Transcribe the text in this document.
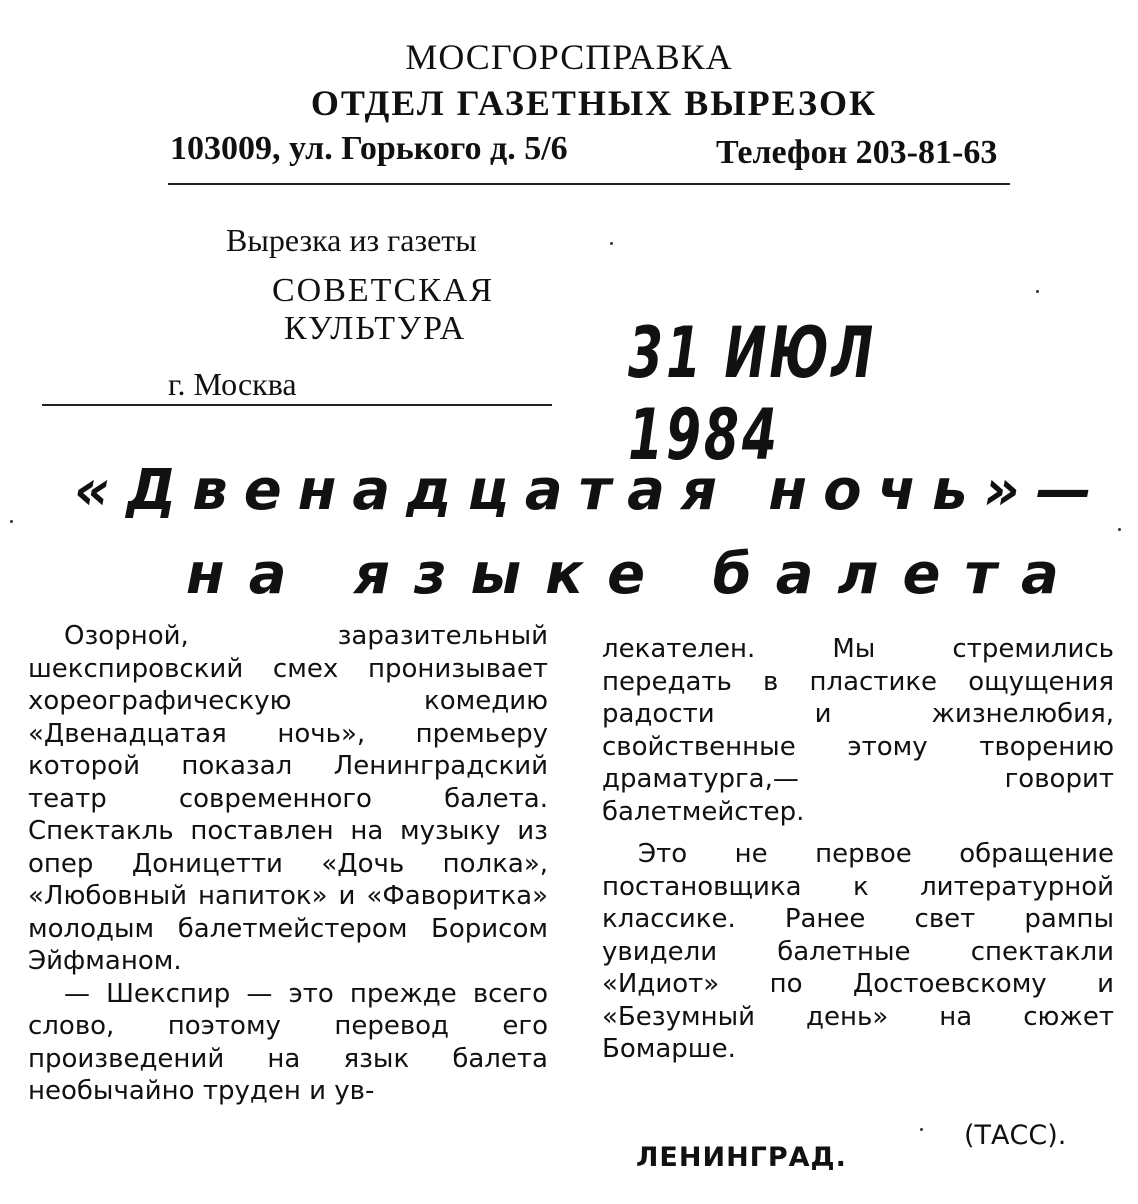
МОСГОРСПРАВКА
ОТДЕЛ ГАЗЕТНЫХ ВЫРЕЗОК
103009, ул. Горького д. 5/6	Телефон 203-81-63
Вырезка из газеты
СОВЕТСКАЯ
КУЛЬТУРА
г. Москва	31 ИЮЛ 1984
«Двенадцатая ночь»—
на языке балета

Озорной, заразительный шекспировский смех пронизывает хореографическую комедию «Двенадцатая ночь», премьеру которой показал Ленинградский театр современного балета. Спектакль поставлен на музыку из опер Доницетти «Дочь полка», «Любовный напиток» и «Фаворитка» молодым балетмейстером Борисом Эйфманом.

— Шекспир — это прежде всего слово, поэтому перевод его произведений на язык балета необычайно труден и ув-

лекателен. Мы стремились передать в пластике ощущения радости и жизнелюбия, свойственные этому творению драматурга,— говорит балетмейстер.

Это не первое обращение постановщика к литературной классике. Ранее свет рампы увидели балетные спектакли «Идиот» по Достоевскому и «Безумный день» на сюжет Бомарше.

(ТАСС).
ЛЕНИНГРАД.
